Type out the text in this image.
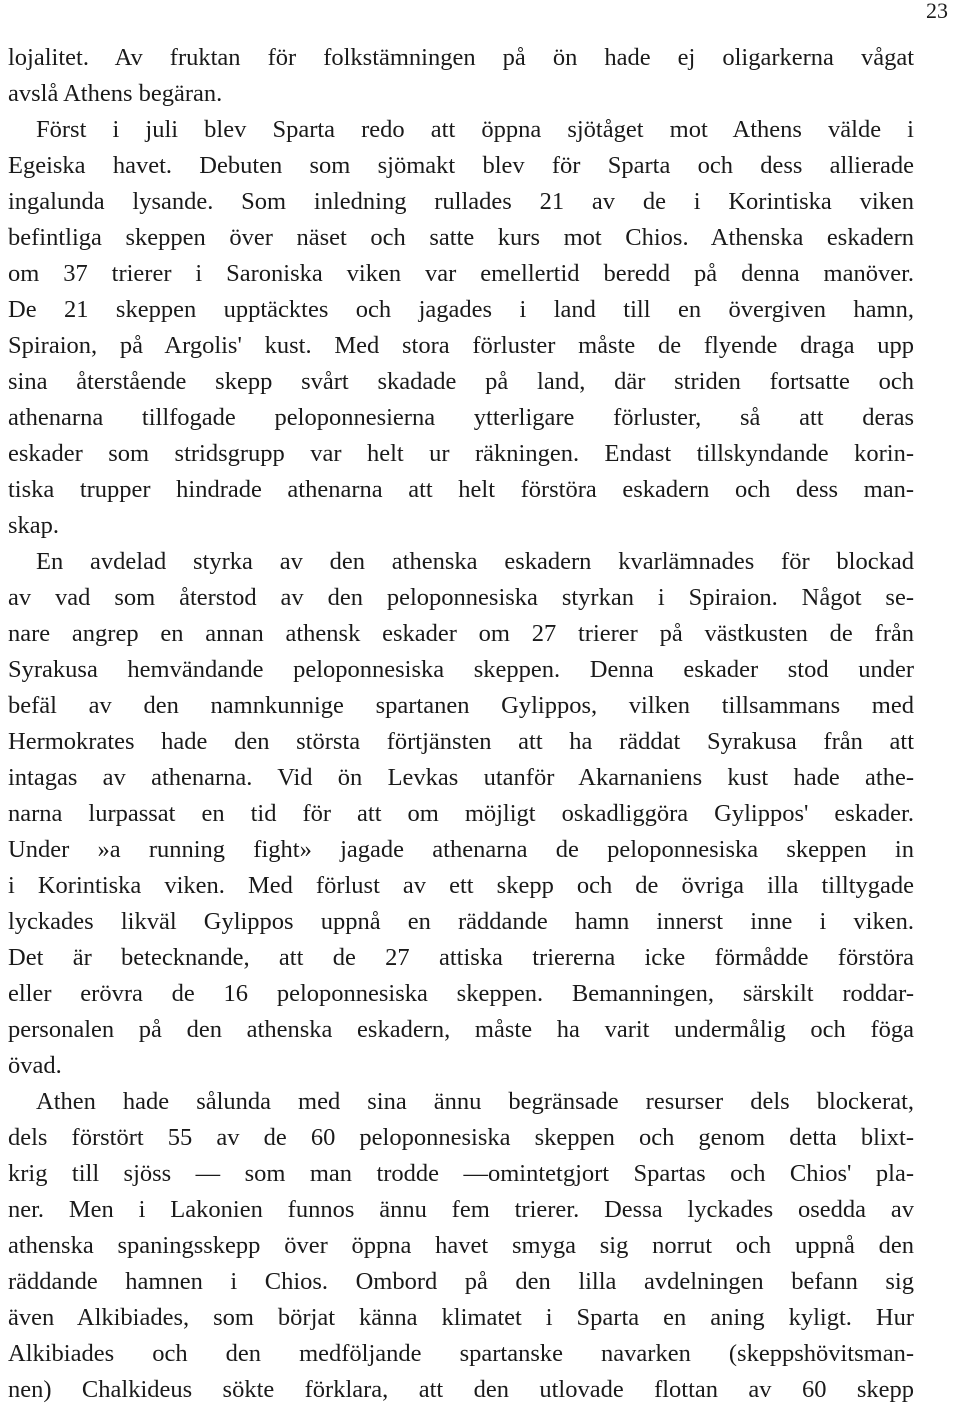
23
lojalitet. Av fruktan för folkstämningen på ön hade ej oligarkerna vågat
avslå Athens begäran.
Först i juli blev Sparta redo att öppna sjötåget mot Athens välde i
Egeiska havet. Debuten som sjömakt blev för Sparta och dess allierade
ingalunda lysande. Som inledning rullades 21 av de i Korintiska viken
befintliga skeppen över näset och satte kurs mot Chios. Athenska eskadern
om 37 trierer i Saroniska viken var emellertid beredd på denna manöver.
De 21 skeppen upptäcktes och jagades i land till en övergiven hamn,
Spiraion, på Argolis' kust. Med stora förluster måste de flyende draga upp
sina återstående skepp svårt skadade på land, där striden fortsatte och
athenarna tillfogade peloponnesierna ytterligare förluster, så att deras
eskader som stridsgrupp var helt ur räkningen. Endast tillskyndande korin-
tiska trupper hindrade athenarna att helt förstöra eskadern och dess man-
skap.
En avdelad styrka av den athenska eskadern kvarlämnades för blockad
av vad som återstod av den peloponnesiska styrkan i Spiraion. Något se-
nare angrep en annan athensk eskader om 27 trierer på västkusten de från
Syrakusa hemvändande peloponnesiska skeppen. Denna eskader stod under
befäl av den namnkunnige spartanen Gylippos, vilken tillsammans med
Hermokrates hade den största förtjänsten att ha räddat Syrakusa från att
intagas av athenarna. Vid ön Levkas utanför Akarnaniens kust hade athe-
narna lurpassat en tid för att om möjligt oskadliggöra Gylippos' eskader.
Under »a running fight» jagade athenarna de peloponnesiska skeppen in
i Korintiska viken. Med förlust av ett skepp och de övriga illa tilltygade
lyckades likväl Gylippos uppnå en räddande hamn innerst inne i viken.
Det är betecknande, att de 27 attiska triererna icke förmådde förstöra
eller erövra de 16 peloponnesiska skeppen. Bemanningen, särskilt roddar-
personalen på den athenska eskadern, måste ha varit undermålig och föga
övad.
Athen hade sålunda med sina ännu begränsade resurser dels blockerat,
dels förstört 55 av de 60 peloponnesiska skeppen och genom detta blixt-
krig till sjöss — som man trodde —omintetgjort Spartas och Chios' pla-
ner. Men i Lakonien funnos ännu fem trierer. Dessa lyckades osedda av
athenska spaningsskepp över öppna havet smyga sig norrut och uppnå den
räddande hamnen i Chios. Ombord på den lilla avdelningen befann sig
även Alkibiades, som börjat känna klimatet i Sparta en aning kyligt. Hur
Alkibiades och den medföljande spartanske navarken (skeppshövitsman-
nen) Chalkideus sökte förklara, att den utlovade flottan av 60 skepp
